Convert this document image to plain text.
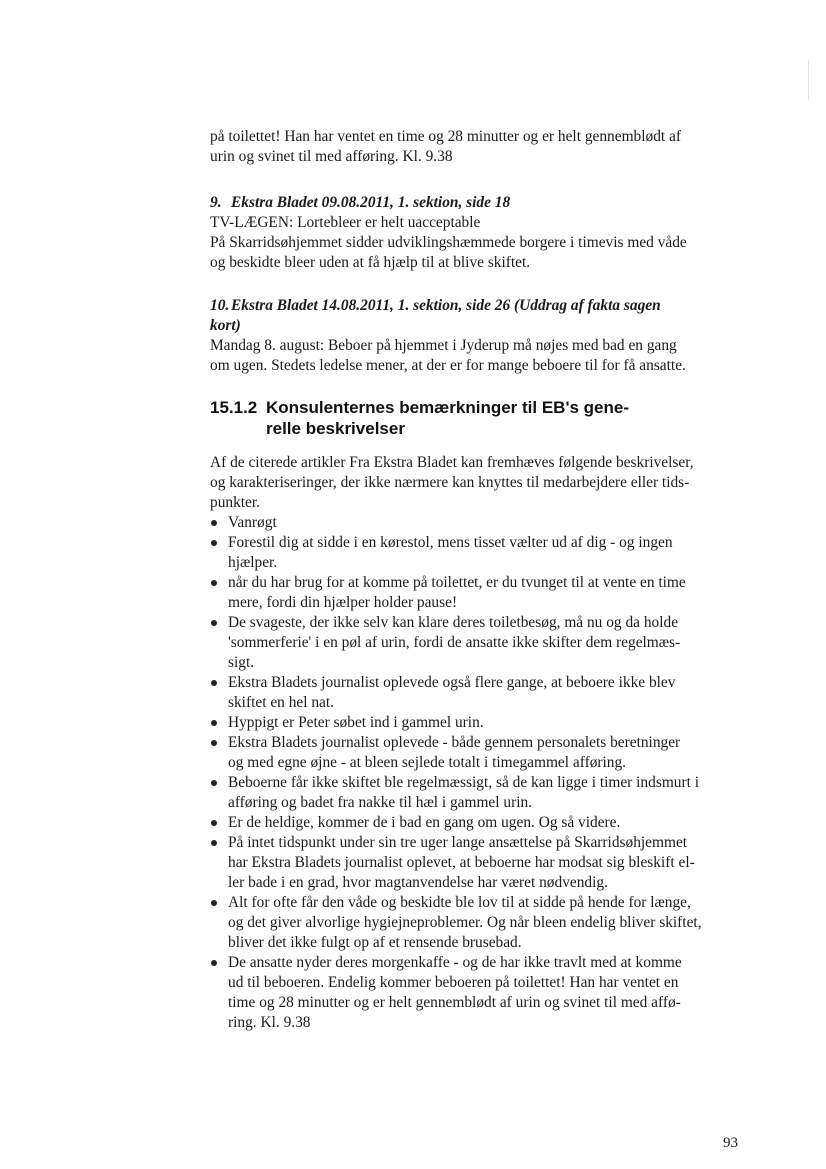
på toilettet! Han har ventet en time og 28 minutter og er helt gennemblødt af
urin og svinet til med afføring. Kl. 9.38
9. Ekstra Bladet 09.08.2011, 1. sektion, side 18
TV-LÆGEN: Lortebleer er helt uacceptable
På Skarridsøhjemmet sidder udviklingshæmmede borgere i timevis med våde
og beskidte bleer uden at få hjælp til at blive skiftet.
10. Ekstra Bladet 14.08.2011, 1. sektion, side 26 (Uddrag af fakta sagen
kort)
Mandag 8. august: Beboer på hjemmet i Jyderup må nøjes med bad en gang
om ugen. Stedets ledelse mener, at der er for mange beboere til for få ansatte.
15.1.2 Konsulenternes bemærkninger til EB's gene-
relle beskrivelser
Af de citerede artikler Fra Ekstra Bladet kan fremhæves følgende beskrivelser,
og karakteriseringer, der ikke nærmere kan knyttes til medarbejdere eller tids-
punkter.
Vanrøgt
Forestil dig at sidde i en kørestol, mens tisset vælter ud af dig - og ingen
hjælper.
når du har brug for at komme på toilettet, er du tvunget til at vente en time
mere, fordi din hjælper holder pause!
De svageste, der ikke selv kan klare deres toiletbesøg, må nu og da holde
'sommerferie' i en pøl af urin, fordi de ansatte ikke skifter dem regelmæs-
sigt.
Ekstra Bladets journalist oplevede også flere gange, at beboere ikke blev
skiftet en hel nat.
Hyppigt er Peter søbet ind i gammel urin.
Ekstra Bladets journalist oplevede - både gennem personalets beretninger
og med egne øjne - at bleen sejlede totalt i timegammel afføring.
Beboerne får ikke skiftet ble regelmæssigt, så de kan ligge i timer indsmurt i
afføring og badet fra nakke til hæl i gammel urin.
Er de heldige, kommer de i bad en gang om ugen. Og så videre.
På intet tidspunkt under sin tre uger lange ansættelse på Skarridsøhjemmet
har Ekstra Bladets journalist oplevet, at beboerne har modsat sig bleskift el-
ler bade i en grad, hvor magtanvendelse har været nødvendig.
Alt for ofte får den våde og beskidte ble lov til at sidde på hende for længe,
og det giver alvorlige hygiejneproblemer. Og når bleen endelig bliver skiftet,
bliver det ikke fulgt op af et rensende brusebad.
De ansatte nyder deres morgenkaffe - og de har ikke travlt med at komme
ud til beboeren. Endelig kommer beboeren på toilettet! Han har ventet en
time og 28 minutter og er helt gennemblødt af urin og svinet til med affø-
ring. Kl. 9.38
93
